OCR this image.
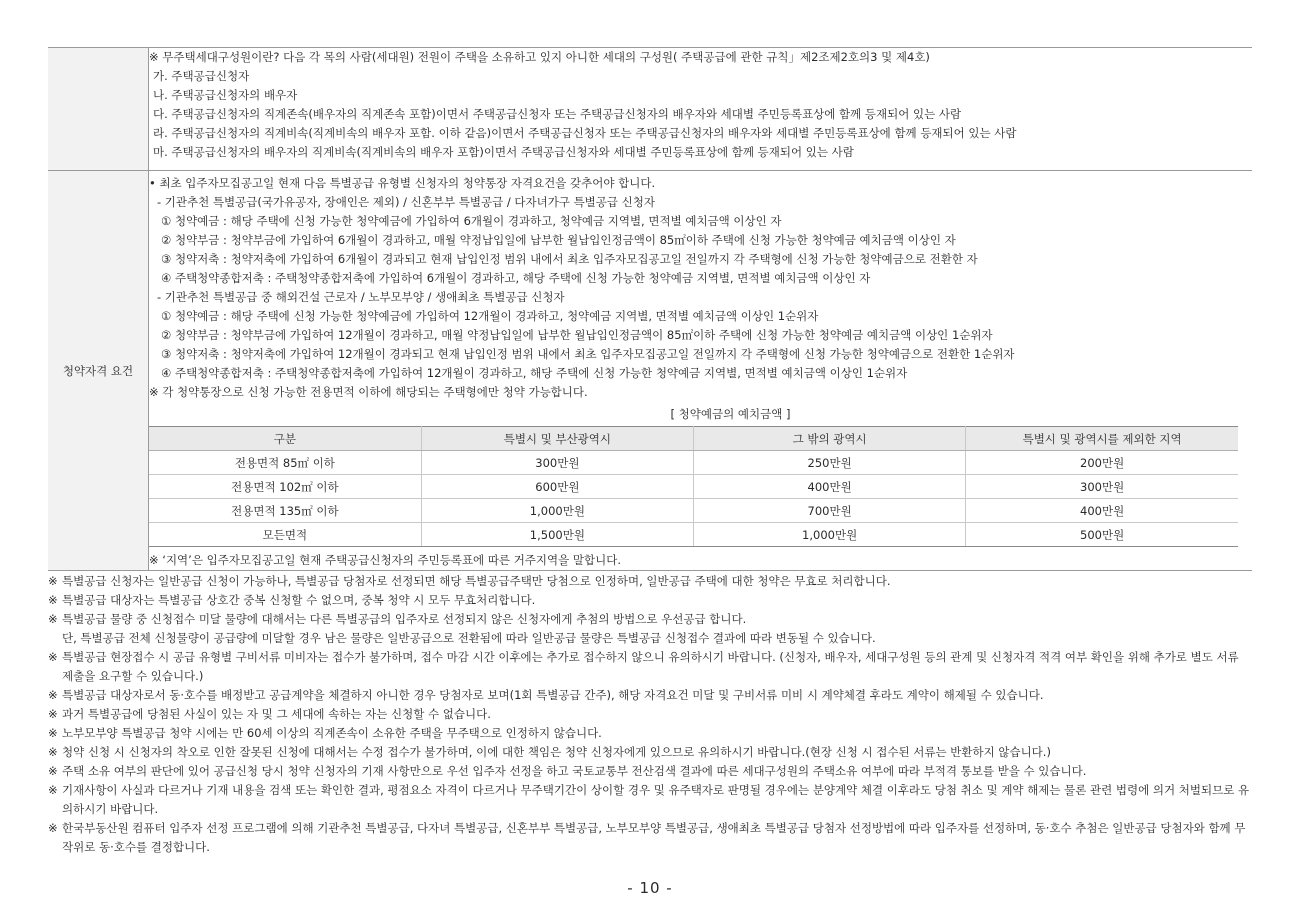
※ 무주택세대구성원이란? 다음 각 목의 사람(세대원) 전원이 주택을 소유하고 있지 아니한 세대의 구성원( 주택공급에 관한 규칙」제2조제2호의3 및 제4호)
가. 주택공급신청자
나. 주택공급신청자의 배우자
다. 주택공급신청자의 직계존속(배우자의 직계존속 포함)이면서 주택공급신청자 또는 주택공급신청자의 배우자와 세대별 주민등록표상에 함께 등재되어 있는 사람
라. 주택공급신청자의 직계비속(직계비속의 배우자 포함. 이하 같음)이면서 주택공급신청자 또는 주택공급신청자의 배우자와 세대별 주민등록표상에 함께 등재되어 있는 사람
마. 주택공급신청자의 배우자의 직계비속(직계비속의 배우자 포함)이면서 주택공급신청자와 세대별 주민등록표상에 함께 등재되어 있는 사람

청약자격 요건	
• 최초 입주자모집공고일 현재 다음 특별공급 유형별 신청자의 청약통장 자격요건을 갖추어야 합니다.
- 기관추천 특별공급(국가유공자, 장애인은 제외) / 신혼부부 특별공급 / 다자녀가구 특별공급 신청자
① 청약예금 : 해당 주택에 신청 가능한 청약예금에 가입하여 6개월이 경과하고, 청약예금 지역별, 면적별 예치금액 이상인 자
② 청약부금 : 청약부금에 가입하여 6개월이 경과하고, 매월 약정납입일에 납부한 월납입인정금액이 85㎡이하 주택에 신청 가능한 청약예금 예치금액 이상인 자
③ 청약저축 : 청약저축에 가입하여 6개월이 경과되고 현재 납입인정 범위 내에서 최초 입주자모집공고일 전일까지 각 주택형에 신청 가능한 청약예금으로 전환한 자
④ 주택청약종합저축 : 주택청약종합저축에 가입하여 6개월이 경과하고, 해당 주택에 신청 가능한 청약예금 지역별, 면적별 예치금액 이상인 자
- 기관추천 특별공급 중 해외건설 근로자 / 노부모부양 / 생애최초 특별공급 신청자
① 청약예금 : 해당 주택에 신청 가능한 청약예금에 가입하여 12개월이 경과하고, 청약예금 지역별, 면적별 예치금액 이상인 1순위자
② 청약부금 : 청약부금에 가입하여 12개월이 경과하고, 매월 약정납입일에 납부한 월납입인정금액이 85㎡이하 주택에 신청 가능한 청약예금 예치금액 이상인 1순위자
③ 청약저축 : 청약저축에 가입하여 12개월이 경과되고 현재 납입인정 범위 내에서 최초 입주자모집공고일 전일까지 각 주택형에 신청 가능한 청약예금으로 전환한 1순위자
④ 주택청약종합저축 : 주택청약종합저축에 가입하여 12개월이 경과하고, 해당 주택에 신청 가능한 청약예금 지역별, 면적별 예치금액 이상인 1순위자
※ 각 청약통장으로 신청 가능한 전용면적 이하에 해당되는 주택형에만 청약 가능합니다.
[ 청약예금의 예치금액 ]
구분	특별시 및 부산광역시	그 밖의 광역시	특별시 및 광역시를 제외한 지역
전용면적 85㎡ 이하	300만원	250만원	200만원
전용면적 102㎡ 이하	600만원	400만원	300만원
전용면적 135㎡ 이하	1,000만원	700만원	400만원
모든면적	1,500만원	1,000만원	500만원
※ ‘지역’은 입주자모집공고일 현재 주택공급신청자의 주민등록표에 따른 거주지역을 말합니다.
※ 특별공급 신청자는 일반공급 신청이 가능하나, 특별공급 당첨자로 선정되면 해당 특별공급주택만 당첨으로 인정하며, 일반공급 주택에 대한 청약은 무효로 처리합니다.
※ 특별공급 대상자는 특별공급 상호간 중복 신청할 수 없으며, 중복 청약 시 모두 무효처리합니다.
※ 특별공급 물량 중 신청접수 미달 물량에 대해서는 다른 특별공급의 입주자로 선정되지 않은 신청자에게 추첨의 방법으로 우선공급 합니다.
단, 특별공급 전체 신청물량이 공급량에 미달할 경우 남은 물량은 일반공급으로 전환됨에 따라 일반공급 물량은 특별공급 신청접수 결과에 따라 변동될 수 있습니다.
※ 특별공급 현장접수 시 공급 유형별 구비서류 미비자는 접수가 불가하며, 접수 마감 시간 이후에는 추가로 접수하지 않으니 유의하시기 바랍니다. (신청자, 배우자, 세대구성원 등의 관계 및 신청자격 적격 여부 확인을 위해 추가로 별도 서류 제출을 요구할 수 있습니다.)
※ 특별공급 대상자로서 동·호수를 배정받고 공급계약을 체결하지 아니한 경우 당첨자로 보며(1회 특별공급 간주), 해당 자격요건 미달 및 구비서류 미비 시 계약체결 후라도 계약이 해제될 수 있습니다.
※ 과거 특별공급에 당첨된 사실이 있는 자 및 그 세대에 속하는 자는 신청할 수 없습니다.
※ 노부모부양 특별공급 청약 시에는 만 60세 이상의 직계존속이 소유한 주택을 무주택으로 인정하지 않습니다.
※ 청약 신청 시 신청자의 착오로 인한 잘못된 신청에 대해서는 수정 접수가 불가하며, 이에 대한 책임은 청약 신청자에게 있으므로 유의하시기 바랍니다.(현장 신청 시 접수된 서류는 반환하지 않습니다.)
※ 주택 소유 여부의 판단에 있어 공급신청 당시 청약 신청자의 기재 사항만으로 우선 입주자 선정을 하고 국토교통부 전산검색 결과에 따른 세대구성원의 주택소유 여부에 따라 부적격 통보를 받을 수 있습니다.
※ 기재사항이 사실과 다르거나 기재 내용을 검색 또는 확인한 결과, 평점요소 자격이 다르거나 무주택기간이 상이할 경우 및 유주택자로 판명될 경우에는 분양계약 체결 이후라도 당첨 취소 및 계약 해제는 물론 관련 법령에 의거 처벌되므로 유의하시기 바랍니다.
※ 한국부동산원 컴퓨터 입주자 선정 프로그램에 의해 기관추천 특별공급, 다자녀 특별공급, 신혼부부 특별공급, 노부모부양 특별공급, 생애최초 특별공급 당첨자 선정방법에 따라 입주자를 선정하며, 동·호수 추첨은 일반공급 당첨자와 함께 무작위로 동·호수를 결정합니다.
- 10 -
